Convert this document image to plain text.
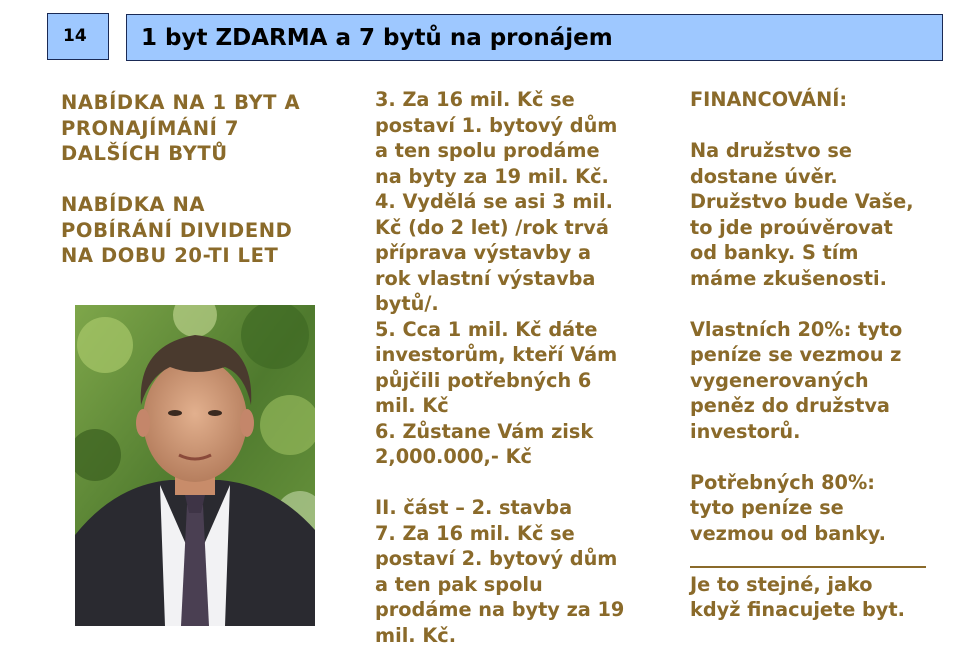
14 1 byt ZDARMA a 7 bytů na pronájem

NABÍDKA NA 1 BYT A

PRONAJÍMÁNÍ 7

DALŠÍCH BYTŮ

NABÍDKA NA

POBÍRÁNÍ DIVIDEND

NA DOBU 20-TI LET

3. Za 16 mil. Kč se

postaví 1. bytový dům

a ten spolu prodáme

na byty za 19 mil. Kč.

4. Vydělá se asi 3 mil.

Kč (do 2 let) /rok trvá

příprava výstavby a

rok vlastní výstavba

bytů/.

5. Cca 1 mil. Kč dáte

investorům, kteří Vám

půjčili potřebných 6

mil. Kč

6. Zůstane Vám zisk

2,000.000,- Kč

II. část – 2. stavba

7. Za 16 mil. Kč se

postaví 2. bytový dům

a ten pak spolu

prodáme na byty za 19

mil. Kč.

FINANCOVÁNÍ:

Na družstvo se

dostane úvěr.

Družstvo bude Vaše,

to jde proúvěrovat

od banky. S tím

máme zkušenosti.

Vlastních 20%: tyto

peníze se vezmou z

vygenerovaných

peněz do družstva

investorů.

Potřebných 80%:

tyto peníze se

vezmou od banky.

Je to stejné, jako

když finacujete byt.
